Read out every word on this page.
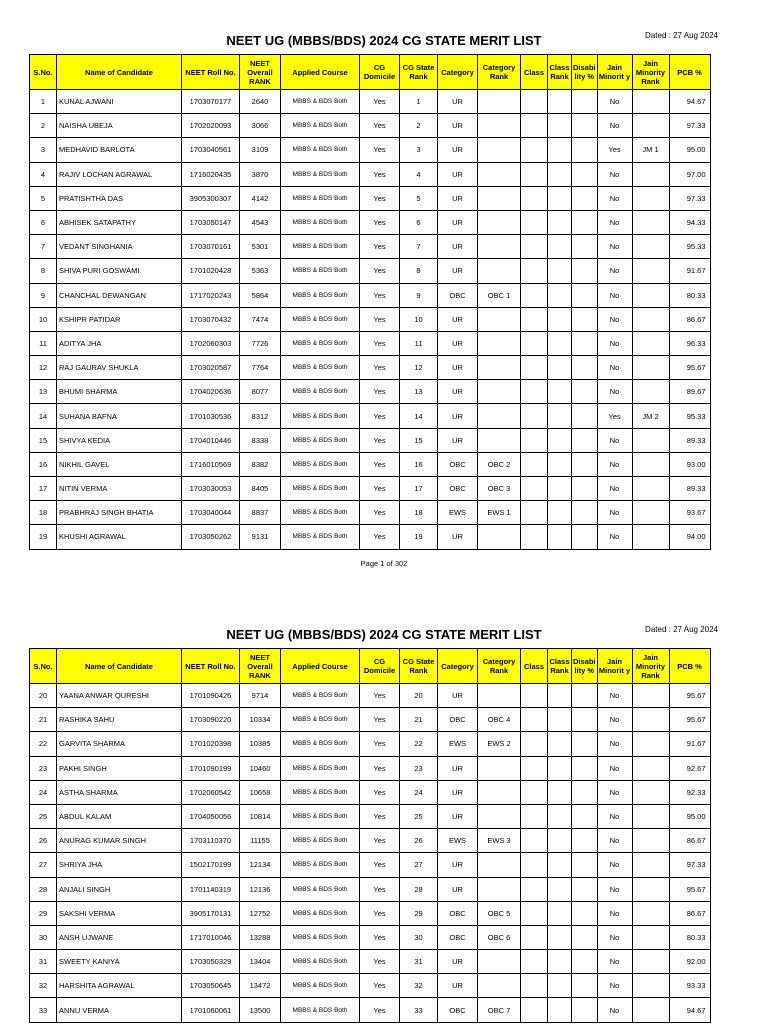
NEET UG (MBBS/BDS) 2024 CG STATE MERIT LIST	Dated : 27 Aug 2024
S.No.	Name of Candidate	NEET Roll No.	NEET Overall RANK	Applied Course	CG Domicile	CG State Rank	Category	Category Rank	Class	Class Rank	Disabi lity %	Jain Minorit y	Jain Minority Rank	PCB %
1	KUNAL AJWANI	1703070177	2640	MBBS & BDS Both	Yes	1	UR					No		94.67
2	NAISHA UBEJA	1702020093	3066	MBBS & BDS Both	Yes	2	UR					No		97.33
3	MEDHAVID BARLOTA	1703040561	3109	MBBS & BDS Both	Yes	3	UR					Yes	JM 1	95.00
4	RAJIV LOCHAN AGRAWAL	1716020435	3870	MBBS & BDS Both	Yes	4	UR					No		97.00
5	PRATISHTHA DAS	3905300307	4142	MBBS & BDS Both	Yes	5	UR					No		97.33
6	ABHISEK SATAPATHY	1703050147	4543	MBBS & BDS Both	Yes	6	UR					No		94.33
7	VEDANT SINGHANIA	1703070161	5301	MBBS & BDS Both	Yes	7	UR					No		95.33
8	SHIVA PURI GOSWAMI	1701020428	5363	MBBS & BDS Both	Yes	8	UR					No		91.67
9	CHANCHAL DEWANGAN	1717020243	5864	MBBS & BDS Both	Yes	9	OBC	OBC 1				No		80.33
10	KSHIPR PATIDAR	1703070432	7474	MBBS & BDS Both	Yes	10	UR					No		86.67
11	ADITYA JHA	1702060303	7726	MBBS & BDS Both	Yes	11	UR					No		96.33
12	RAJ GAURAV SHUKLA	1703020587	7764	MBBS & BDS Both	Yes	12	UR					No		95.67
13	BHUMI SHARMA	1704020636	8077	MBBS & BDS Both	Yes	13	UR					No		89.67
14	SUHANA BAFNA	1701030536	8312	MBBS & BDS Both	Yes	14	UR					Yes	JM 2	95.33
15	SHIVYA KEDIA	1704010446	8338	MBBS & BDS Both	Yes	15	UR					No		89.33
16	NIKHIL GAVEL	1716010569	8382	MBBS & BDS Both	Yes	16	OBC	OBC 2				No		93.00
17	NITIN VERMA	1703030053	8405	MBBS & BDS Both	Yes	17	OBC	OBC 3				No		89.33
18	PRABHRAJ SINGH BHATIA	1703040044	8837	MBBS & BDS Both	Yes	18	EWS	EWS 1				No		93.67
19	KHUSHI AGRAWAL	1703050262	9131	MBBS & BDS Both	Yes	19	UR					No		94.00
Page 1 of 302
NEET UG (MBBS/BDS) 2024 CG STATE MERIT LIST	Dated : 27 Aug 2024
S.No.	Name of Candidate	NEET Roll No.	NEET Overall RANK	Applied Course	CG Domicile	CG State Rank	Category	Category Rank	Class	Class Rank	Disabi lity %	Jain Minorit y	Jain Minority Rank	PCB %
20	YAANA ANWAR QURESHI	1701090426	9714	MBBS & BDS Both	Yes	20	UR					No		95.67
21	RASHIKA SAHU	1703090220	10334	MBBS & BDS Both	Yes	21	OBC	OBC 4				No		95.67
22	GARVITA SHARMA	1701020398	10385	MBBS & BDS Both	Yes	22	EWS	EWS 2				No		91.67
23	PAKHI SINGH	1701090199	10460	MBBS & BDS Both	Yes	23	UR					No		92.67
24	ASTHA SHARMA	1702060542	10658	MBBS & BDS Both	Yes	24	UR					No		92.33
25	ABDUL KALAM	1704050056	10814	MBBS & BDS Both	Yes	25	UR					No		95.00
26	ANURAG KUMAR SINGH	1703110370	11155	MBBS & BDS Both	Yes	26	EWS	EWS 3				No		86.67
27	SHRIYA JHA	1502170199	12134	MBBS & BDS Both	Yes	27	UR					No		97.33
28	ANJALI SINGH	1701140319	12136	MBBS & BDS Both	Yes	28	UR					No		95.67
29	SAKSHI VERMA	3905170131	12752	MBBS & BDS Both	Yes	29	OBC	OBC 5				No		86.67
30	ANSH UJWANE	1717010046	13288	MBBS & BDS Both	Yes	30	OBC	OBC 6				No		80.33
31	SWEETY KANIYA	1703050329	13404	MBBS & BDS Both	Yes	31	UR					No		92.00
32	HARSHITA AGRAWAL	1703050645	13472	MBBS & BDS Both	Yes	32	UR					No		93.33
33	ANNU VERMA	1701060061	13500	MBBS & BDS Both	Yes	33	OBC	OBC 7				No		94.67
